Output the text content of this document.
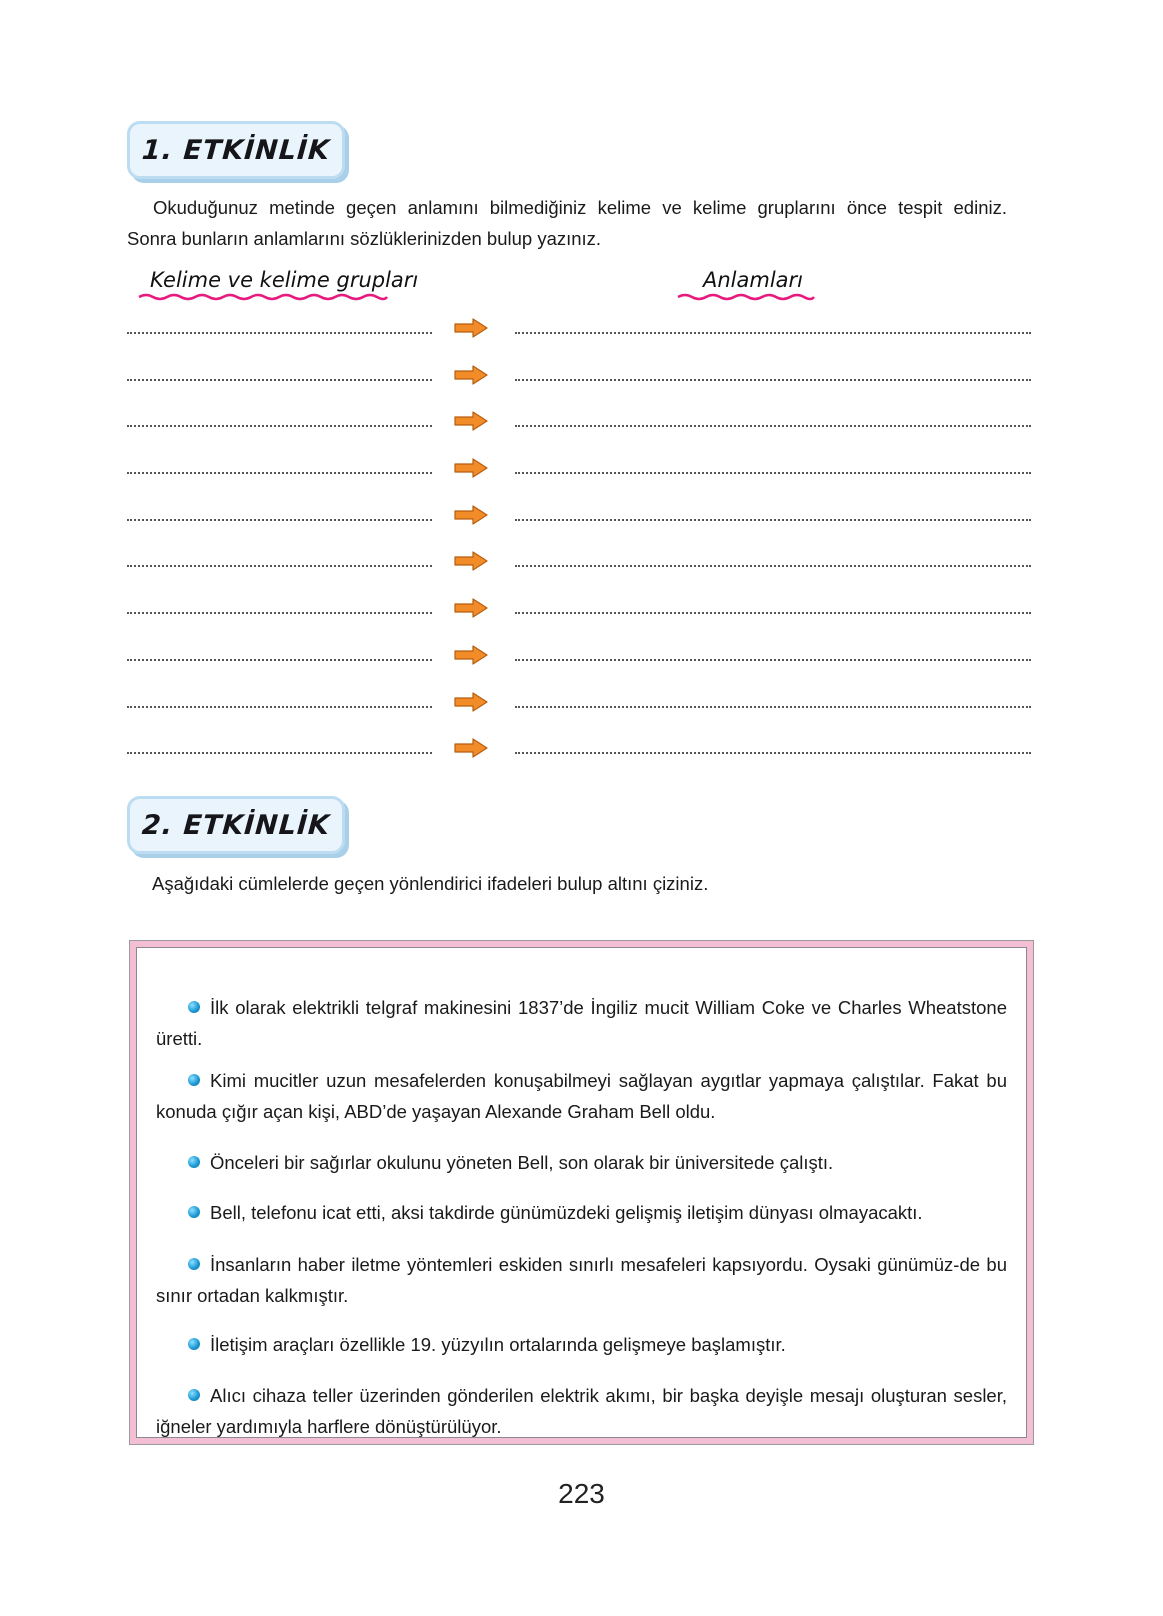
1. ETKİNLİK
Okuduğunuz metinde geçen anlamını bilmediğiniz kelime ve kelime gruplarını önce tespit ediniz.
Sonra bunların anlamlarını sözlüklerinizden bulup yazınız.
Kelime ve kelime grupları	Anlamları
2. ETKİNLİK
Aşağıdaki cümlelerde geçen yönlendirici ifadeleri bulup altını çiziniz.
İlk olarak elektrikli telgraf makinesini 1837’de İngiliz mucit William Coke ve Charles Wheatstone üretti.
Kimi mucitler uzun mesafelerden konuşabilmeyi sağlayan aygıtlar yapmaya çalıştılar. Fakat bu konuda çığır açan kişi, ABD’de yaşayan Alexande Graham Bell oldu.
Önceleri bir sağırlar okulunu yöneten Bell, son olarak bir üniversitede çalıştı.
Bell, telefonu icat etti, aksi takdirde günümüzdeki gelişmiş iletişim dünyası olmayacaktı.
İnsanların haber iletme yöntemleri eskiden sınırlı mesafeleri kapsıyordu. Oysaki günümüz-de bu sınır ortadan kalkmıştır.
İletişim araçları özellikle 19. yüzyılın ortalarında gelişmeye başlamıştır.
Alıcı cihaza teller üzerinden gönderilen elektrik akımı, bir başka deyişle mesajı oluşturan sesler, iğneler yardımıyla harflere dönüştürülüyor.
223
